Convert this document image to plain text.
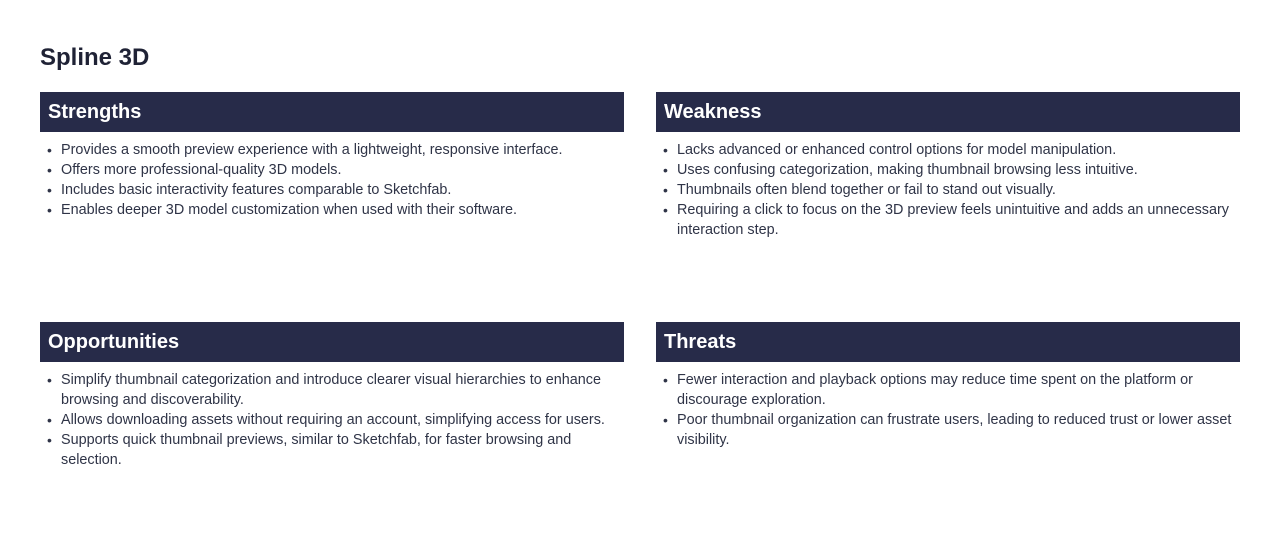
Spline 3D
Strengths
• Provides a smooth preview experience with a lightweight, responsive interface.
• Offers more professional-quality 3D models.
• Includes basic interactivity features comparable to Sketchfab.
• Enables deeper 3D model customization when used with their software.
Weakness
• Lacks advanced or enhanced control options for model manipulation.
• Uses confusing categorization, making thumbnail browsing less intuitive.
• Thumbnails often blend together or fail to stand out visually.
• Requiring a click to focus on the 3D preview feels unintuitive and adds an unnecessary interaction step.
Opportunities
• Simplify thumbnail categorization and introduce clearer visual hierarchies to enhance browsing and discoverability.
• Allows downloading assets without requiring an account, simplifying access for users.
• Supports quick thumbnail previews, similar to Sketchfab, for faster browsing and selection.
Threats
• Fewer interaction and playback options may reduce time spent on the platform or discourage exploration.
• Poor thumbnail organization can frustrate users, leading to reduced trust or lower asset visibility.
